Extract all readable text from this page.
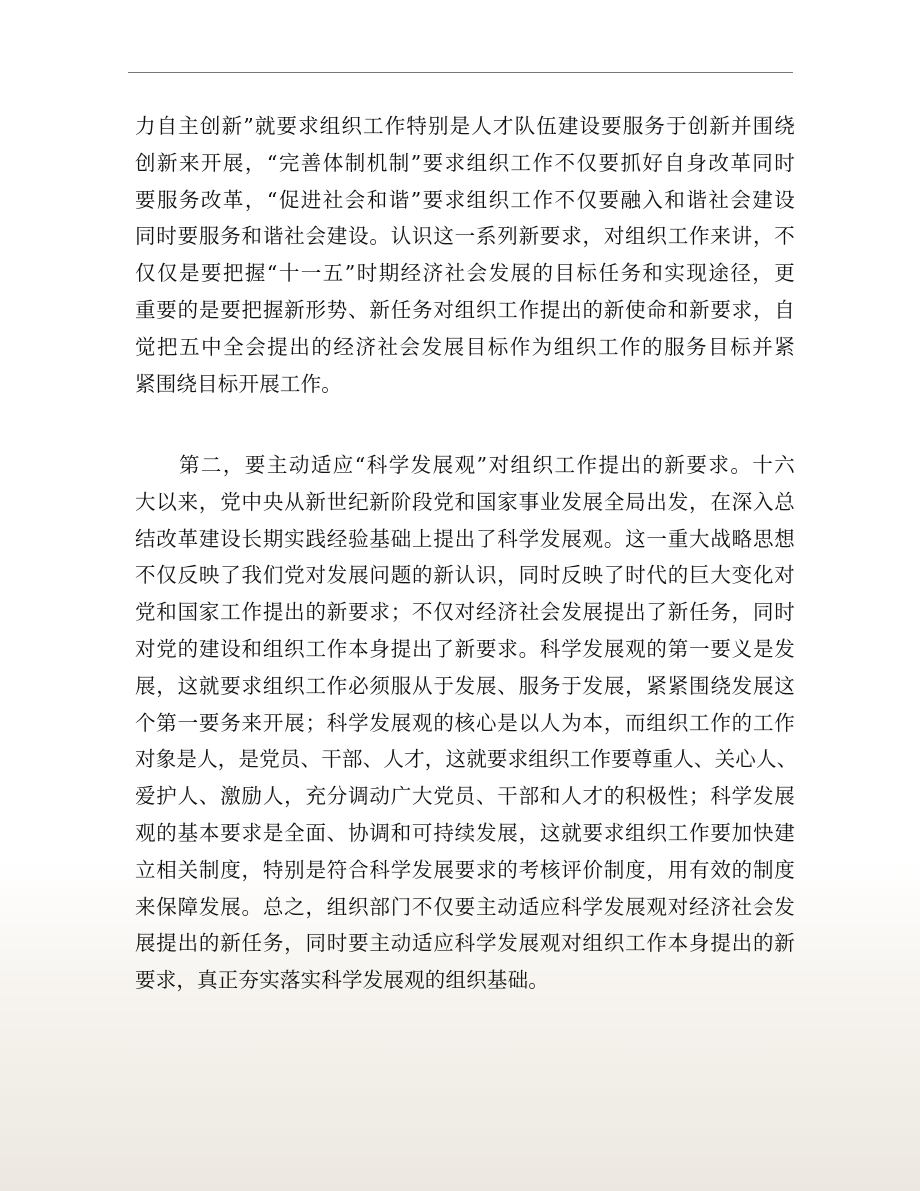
力自主创新”就要求组织工作特别是人才队伍建设要服务于创新并围绕
创新来开展，“完善体制机制”要求组织工作不仅要抓好自身改革同时
要服务改革，“促进社会和谐”要求组织工作不仅要融入和谐社会建设
同时要服务和谐社会建设。认识这一系列新要求，对组织工作来讲，不
仅仅是要把握“十一五”时期经济社会发展的目标任务和实现途径，更
重要的是要把握新形势、新任务对组织工作提出的新使命和新要求，自
觉把五中全会提出的经济社会发展目标作为组织工作的服务目标并紧
紧围绕目标开展工作。
　　第二，要主动适应“科学发展观”对组织工作提出的新要求。十六
大以来，党中央从新世纪新阶段党和国家事业发展全局出发，在深入总
结改革建设长期实践经验基础上提出了科学发展观。这一重大战略思想
不仅反映了我们党对发展问题的新认识，同时反映了时代的巨大变化对
党和国家工作提出的新要求；不仅对经济社会发展提出了新任务，同时
对党的建设和组织工作本身提出了新要求。科学发展观的第一要义是发
展，这就要求组织工作必须服从于发展、服务于发展，紧紧围绕发展这
个第一要务来开展；科学发展观的核心是以人为本，而组织工作的工作
对象是人，是党员、干部、人才，这就要求组织工作要尊重人、关心人、
爱护人、激励人，充分调动广大党员、干部和人才的积极性；科学发展
观的基本要求是全面、协调和可持续发展，这就要求组织工作要加快建
立相关制度，特别是符合科学发展要求的考核评价制度，用有效的制度
来保障发展。总之，组织部门不仅要主动适应科学发展观对经济社会发
展提出的新任务，同时要主动适应科学发展观对组织工作本身提出的新
要求，真正夯实落实科学发展观的组织基础。
